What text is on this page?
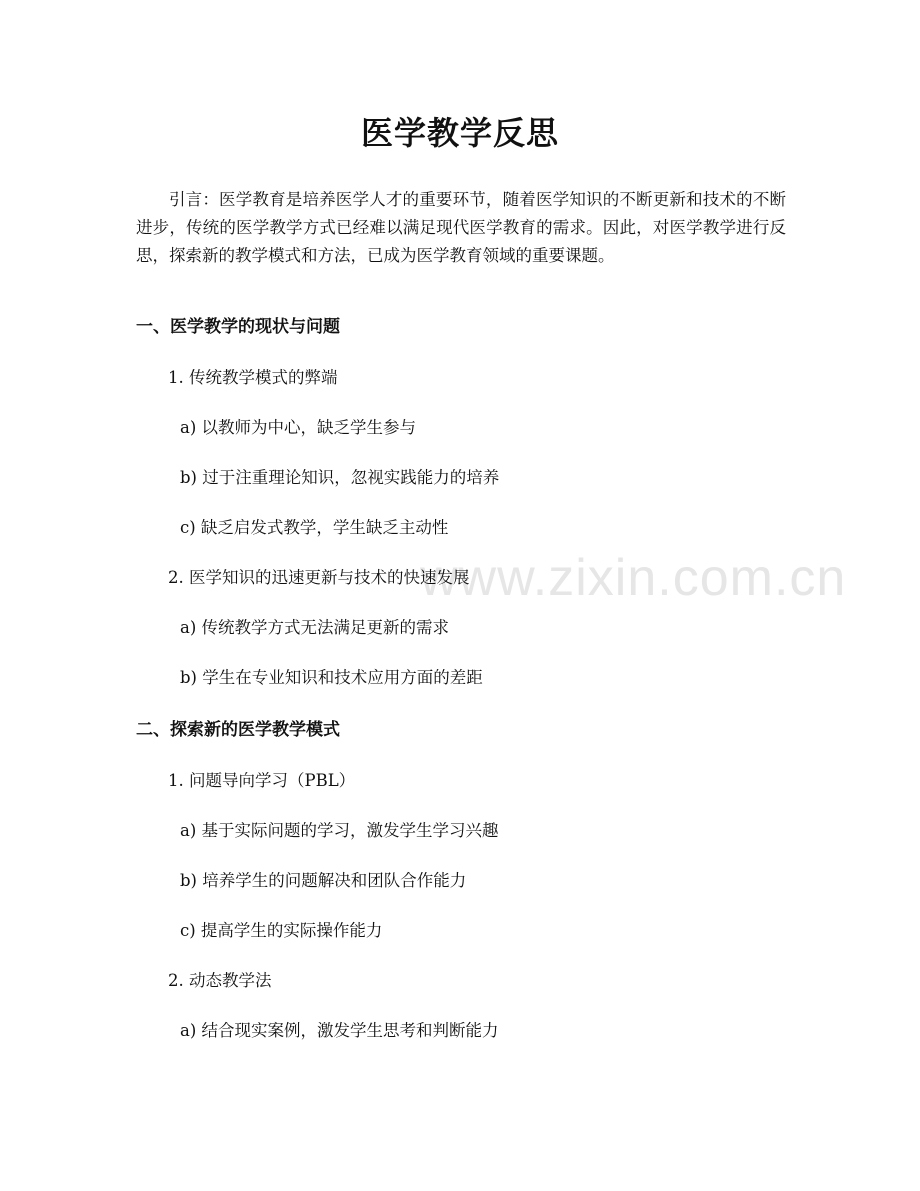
www.zixin.com.cn
医学教学反思
引言：医学教育是培养医学人才的重要环节，随着医学知识的不断更新和技术的不断进步，传统的医学教学方式已经难以满足现代医学教育的需求。因此，对医学教学进行反思，探索新的教学模式和方法，已成为医学教育领域的重要课题。
一、医学教学的现状与问题
1. 传统教学模式的弊端
a) 以教师为中心，缺乏学生参与
b) 过于注重理论知识，忽视实践能力的培养
c) 缺乏启发式教学，学生缺乏主动性
2. 医学知识的迅速更新与技术的快速发展
a) 传统教学方式无法满足更新的需求
b) 学生在专业知识和技术应用方面的差距
二、探索新的医学教学模式
1. 问题导向学习（PBL）
a) 基于实际问题的学习，激发学生学习兴趣
b) 培养学生的问题解决和团队合作能力
c) 提高学生的实际操作能力
2. 动态教学法
a) 结合现实案例，激发学生思考和判断能力
